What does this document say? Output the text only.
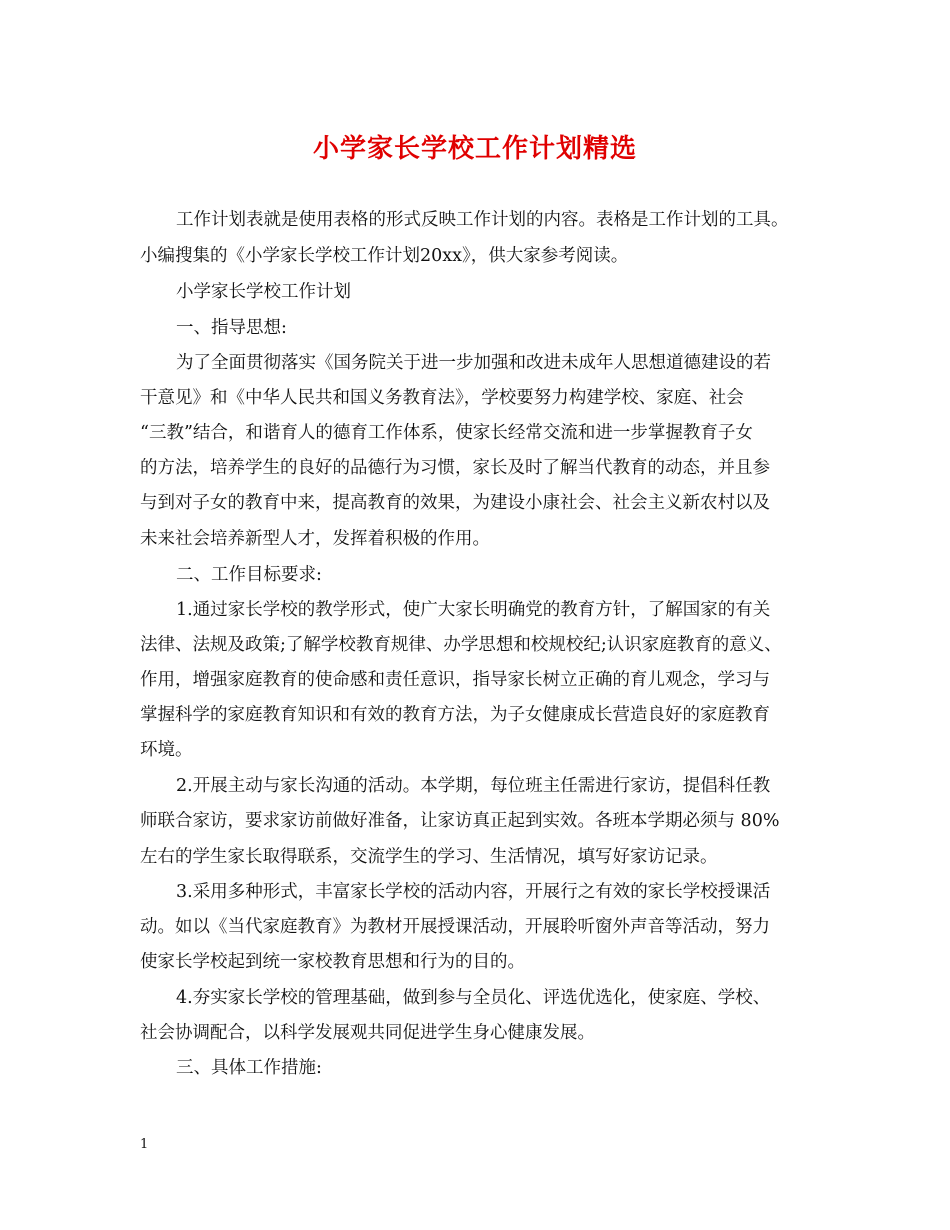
小学家长学校工作计划精选
工作计划表就是使用表格的形式反映工作计划的内容。表格是工作计划的工具。
小编搜集的《小学家长学校工作计划20xx》，供大家参考阅读。
小学家长学校工作计划
一、指导思想:
为了全面贯彻落实《国务院关于进一步加强和改进未成年人思想道德建设的若
干意见》和《中华人民共和国义务教育法》，学校要努力构建学校、家庭、社会
“三教”结合，和谐育人的德育工作体系，使家长经常交流和进一步掌握教育子女
的方法，培养学生的良好的品德行为习惯，家长及时了解当代教育的动态，并且参
与到对子女的教育中来，提高教育的效果，为建设小康社会、社会主义新农村以及
未来社会培养新型人才，发挥着积极的作用。
二、工作目标要求:
1.通过家长学校的教学形式，使广大家长明确党的教育方针，了解国家的有关
法律、法规及政策;了解学校教育规律、办学思想和校规校纪;认识家庭教育的意义、
作用，增强家庭教育的使命感和责任意识，指导家长树立正确的育儿观念，学习与
掌握科学的家庭教育知识和有效的教育方法，为子女健康成长营造良好的家庭教育
环境。
2.开展主动与家长沟通的活动。本学期，每位班主任需进行家访，提倡科任教
师联合家访，要求家访前做好准备，让家访真正起到实效。各班本学期必须与 80%
左右的学生家长取得联系，交流学生的学习、生活情况，填写好家访记录。
3.采用多种形式，丰富家长学校的活动内容，开展行之有效的家长学校授课活
动。如以《当代家庭教育》为教材开展授课活动，开展聆听窗外声音等活动，努力
使家长学校起到统一家校教育思想和行为的目的。
4.夯实家长学校的管理基础，做到参与全员化、评选优选化，使家庭、学校、
社会协调配合，以科学发展观共同促进学生身心健康发展。
三、具体工作措施:
1
